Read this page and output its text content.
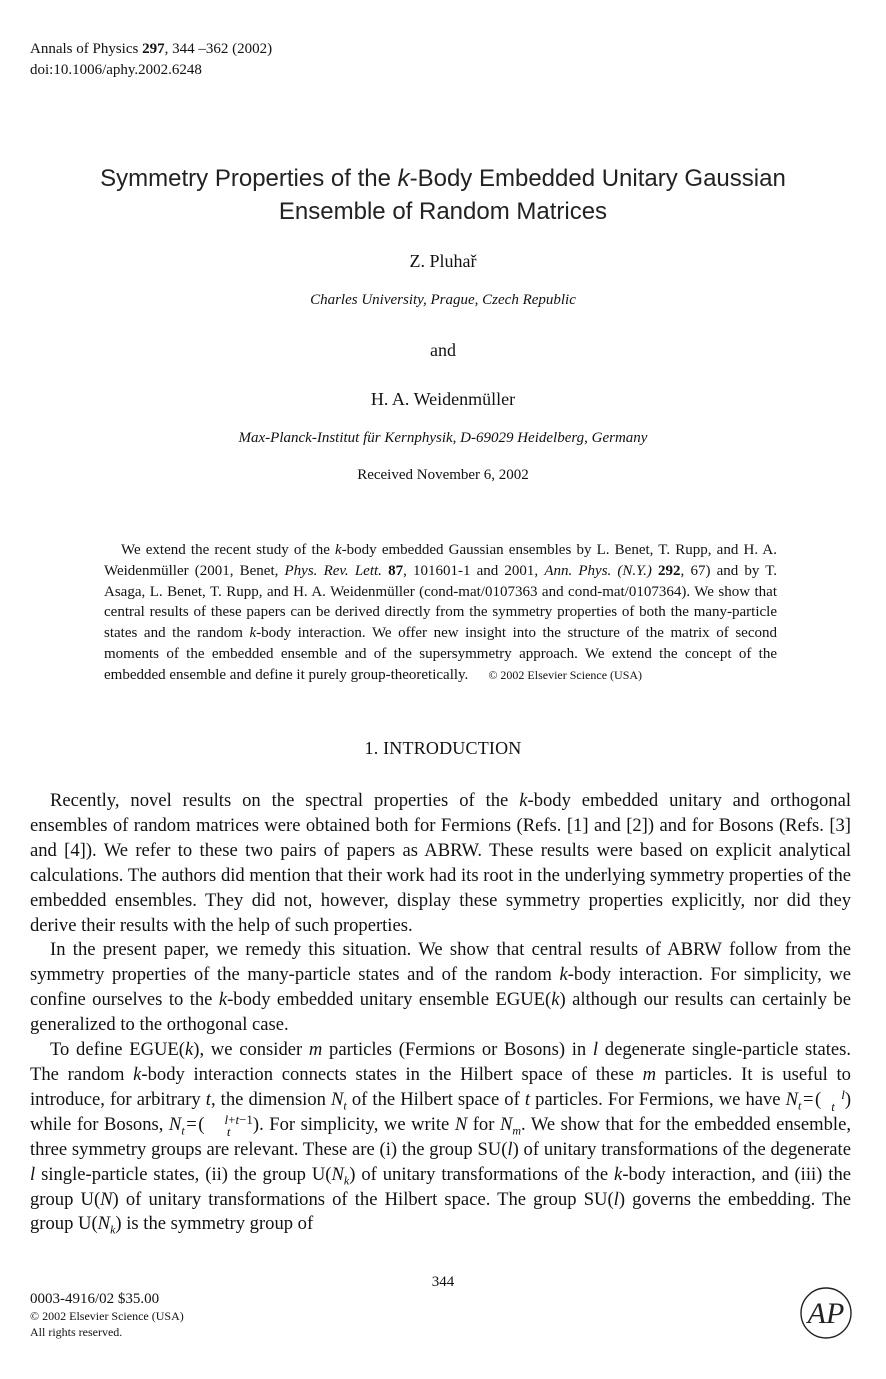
Annals of Physics 297, 344 –362 (2002)
doi:10.1006/aphy.2002.6248
Symmetry Properties of the k-Body Embedded Unitary Gaussian
Ensemble of Random Matrices
Z. Pluhař
Charles University, Prague, Czech Republic
and
H. A. Weidenmüller
Max-Planck-Institut für Kernphysik, D-69029 Heidelberg, Germany
Received November 6, 2002
We extend the recent study of the k-body embedded Gaussian ensembles by L. Benet, T. Rupp, and H. A. Weidenmüller (2001, Benet, Phys. Rev. Lett. 87, 101601-1 and 2001, Ann. Phys. (N.Y.) 292, 67) and by T. Asaga, L. Benet, T. Rupp, and H. A. Weidenmüller (cond-mat/0107363 and cond-mat/0107364). We show that central results of these papers can be derived directly from the symmetry properties of both the many-particle states and the random k-body interaction. We offer new insight into the structure of the matrix of second moments of the embedded ensemble and of the supersymmetry approach. We extend the concept of the embedded ensemble and define it purely group-theoretically. © 2002 Elsevier Science (USA)
1. INTRODUCTION

Recently, novel results on the spectral properties of the k-body embedded unitary and orthogonal ensembles of random matrices were obtained both for Fermions (Refs. [1] and [2]) and for Bosons (Refs. [3] and [4]). We refer to these two pairs of papers as ABRW. These results were based on explicit analytical calculations. The authors did mention that their work had its root in the underlying symmetry properties of the embedded ensembles. They did not, however, display these symmetry properties explicitly, nor did they derive their results with the help of such properties.

In the present paper, we remedy this situation. We show that central results of ABRW follow from the symmetry properties of the many-particle states and of the random k-body interaction. For simplicity, we confine ourselves to the k-body embedded unitary ensemble EGUE(k) although our results can certainly be generalized to the orthogonal case.

To define EGUE(k), we consider m particles (Fermions or Bosons) in l degenerate single-particle states. The random k-body interaction connects states in the Hilbert space of these m particles. It is useful to introduce, for arbitrary t, the dimension $N_t$ of the Hilbert space of t particles. For Fermions, we have $N_t$ = ( l
t ) while for Bosons, $N_t$ = ( l+t−1
t ). For simplicity, we write N for $N_m$. We show that for the embedded ensemble, three symmetry groups are relevant. These are (i) the group SU(l) of unitary transformations of the degenerate l single-particle states, (ii) the group $U(N_k)$ of unitary transformations of the k-body interaction, and (iii) the group U(N) of unitary transformations of the Hilbert space. The group SU(l) governs the embedding. The group $U(N_k)$ is the symmetry group of

344
0003-4916/02 $35.00
© 2002 Elsevier Science (USA)
All rights reserved.
AP
